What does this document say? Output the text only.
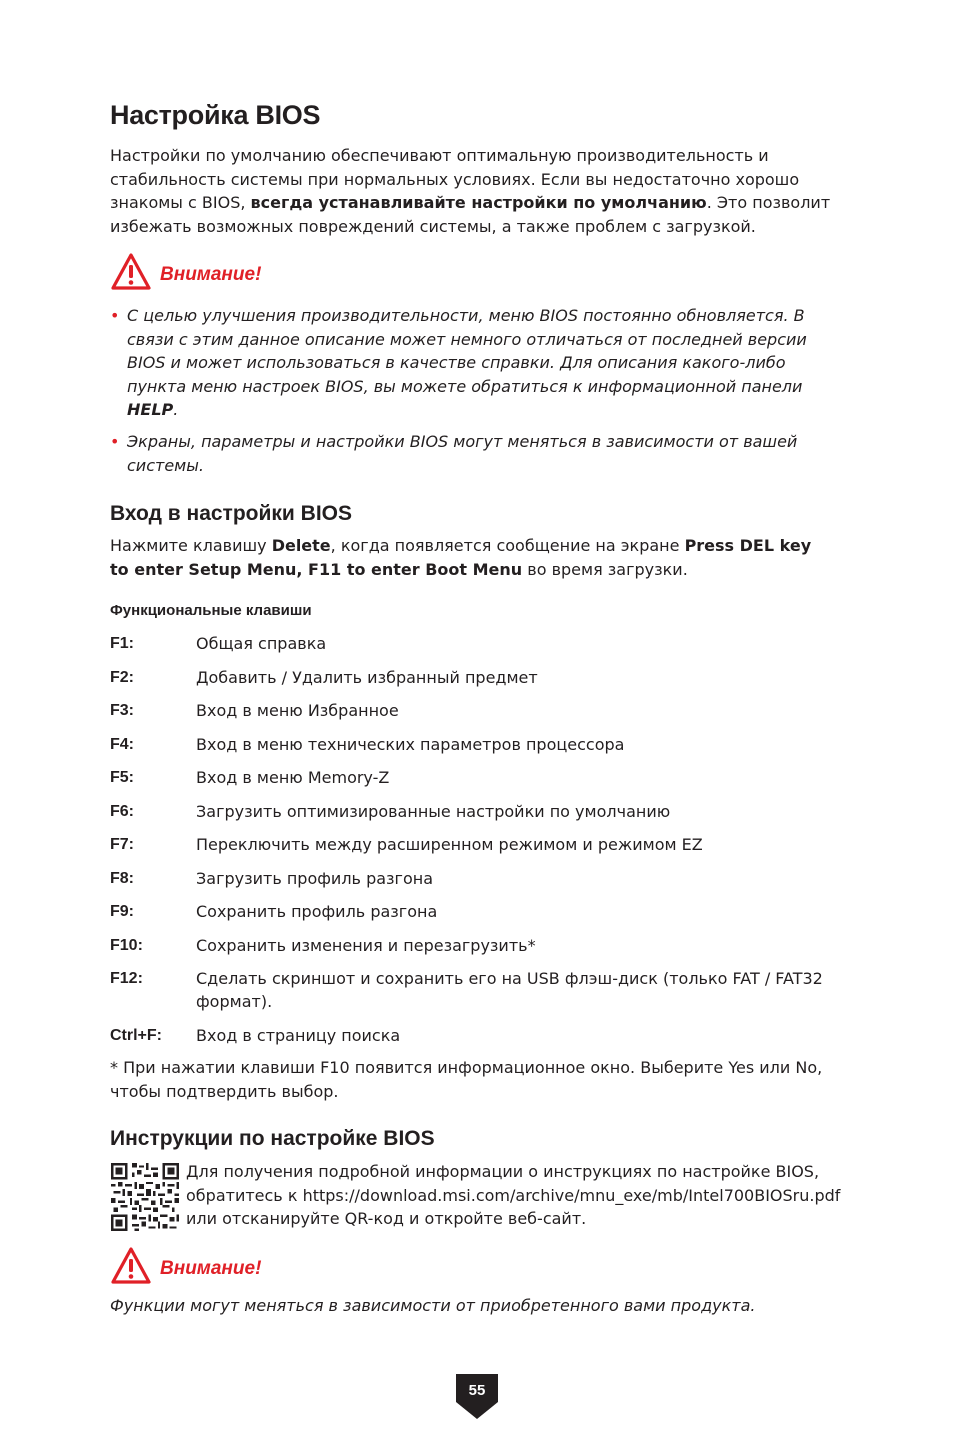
Настройка BIOS

Настройки по умолчанию обеспечивают оптимальную производительность и стабильность системы при нормальных условиях. Если вы недостаточно хорошо знакомы с BIOS, всегда устанавливайте настройки по умолчанию. Это позволит избежать возможных повреждений системы, а также проблем с загрузкой.

Внимание!
• С целью улучшения производительности, меню BIOS постоянно обновляется. В связи с этим данное описание может немного отличаться от последней версии BIOS и может использоваться в качестве справки. Для описания какого-либо пункта меню настроек BIOS, вы можете обратиться к информационной панели HELP.
• Экраны, параметры и настройки BIOS могут меняться в зависимости от вашей системы.
Вход в настройки BIOS

Нажмите клавишу Delete, когда появляется сообщение на экране Press DEL key to enter Setup Menu, F11 to enter Boot Menu во время загрузки.

Функциональные клавиши

F1:	Общая справка
F2:	Добавить / Удалить избранный предмет
F3:	Вход в меню Избранное
F4:	Вход в меню технических параметров процессора
F5:	Вход в меню Memory-Z
F6:	Загрузить оптимизированные настройки по умолчанию
F7:	Переключить между расширенном режимом и режимом EZ
F8:	Загрузить профиль разгона
F9:	Сохранить профиль разгона
F10:	Сохранить изменения и перезагрузить*
F12:	Сделать скриншот и сохранить его на USB флэш-диск (только FAT / FAT32 формат).
Ctrl+F:	Вход в страницу поиска

* При нажатии клавиши F10 появится информационное окно. Выберите Yes или No, чтобы подтвердить выбор.

Инструкции по настройке BIOS

Для получения подробной информации о инструкциях по настройке BIOS, обратитесь к https://download.msi.com/archive/mnu_exe/mb/Intel700BIOSru.pdf или отсканируйте QR-код и откройте веб-сайт.

Внимание!

Функции могут меняться в зависимости от приобретенного вами продукта.

55
